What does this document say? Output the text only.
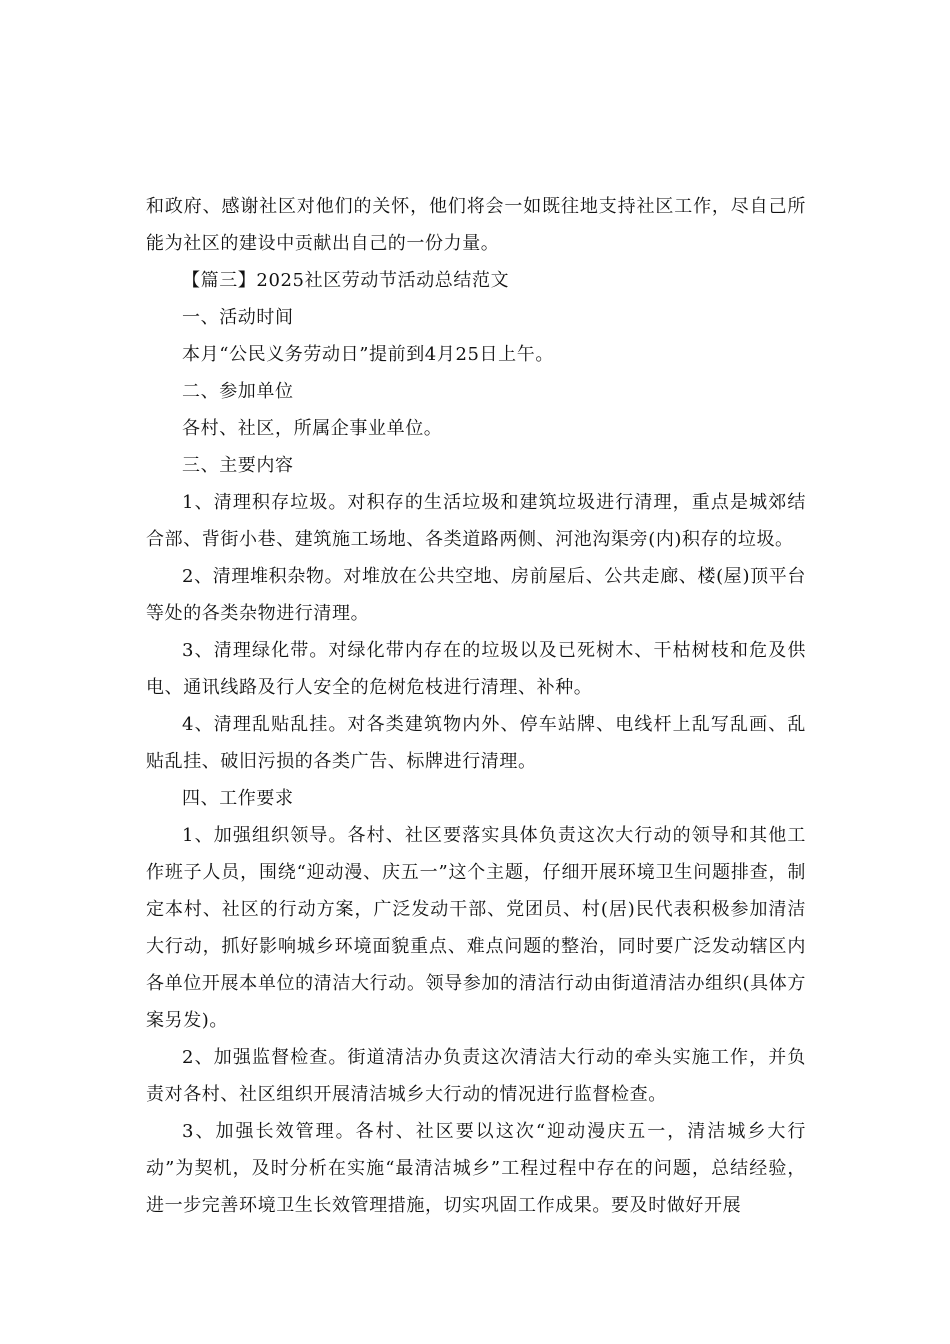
和政府、感谢社区对他们的关怀，他们将会一如既往地支持社区工作，尽自己所能为社区的建设中贡献出自己的一份力量。

【篇三】2025社区劳动节活动总结范文

一、活动时间

本月“公民义务劳动日”提前到4月25日上午。

二、参加单位

各村、社区，所属企事业单位。

三、主要内容

1、清理积存垃圾。对积存的生活垃圾和建筑垃圾进行清理，重点是城郊结合部、背街小巷、建筑施工场地、各类道路两侧、河池沟渠旁(内)积存的垃圾。

2、清理堆积杂物。对堆放在公共空地、房前屋后、公共走廊、楼(屋)顶平台等处的各类杂物进行清理。

3、清理绿化带。对绿化带内存在的垃圾以及已死树木、干枯树枝和危及供电、通讯线路及行人安全的危树危枝进行清理、补种。

4、清理乱贴乱挂。对各类建筑物内外、停车站牌、电线杆上乱写乱画、乱贴乱挂、破旧污损的各类广告、标牌进行清理。

四、工作要求

1、加强组织领导。各村、社区要落实具体负责这次大行动的领导和其他工作班子人员，围绕“迎动漫、庆五一”这个主题，仔细开展环境卫生问题排查，制定本村、社区的行动方案，广泛发动干部、党团员、村(居)民代表积极参加清洁大行动，抓好影响城乡环境面貌重点、难点问题的整治，同时要广泛发动辖区内各单位开展本单位的清洁大行动。领导参加的清洁行动由街道清洁办组织(具体方案另发)。

2、加强监督检查。街道清洁办负责这次清洁大行动的牵头实施工作，并负责对各村、社区组织开展清洁城乡大行动的情况进行监督检查。

3、加强长效管理。各村、社区要以这次“迎动漫庆五一，清洁城乡大行动”为契机，及时分析在实施“最清洁城乡”工程过程中存在的问题，总结经验，进一步完善环境卫生长效管理措施，切实巩固工作成果。要及时做好开展
